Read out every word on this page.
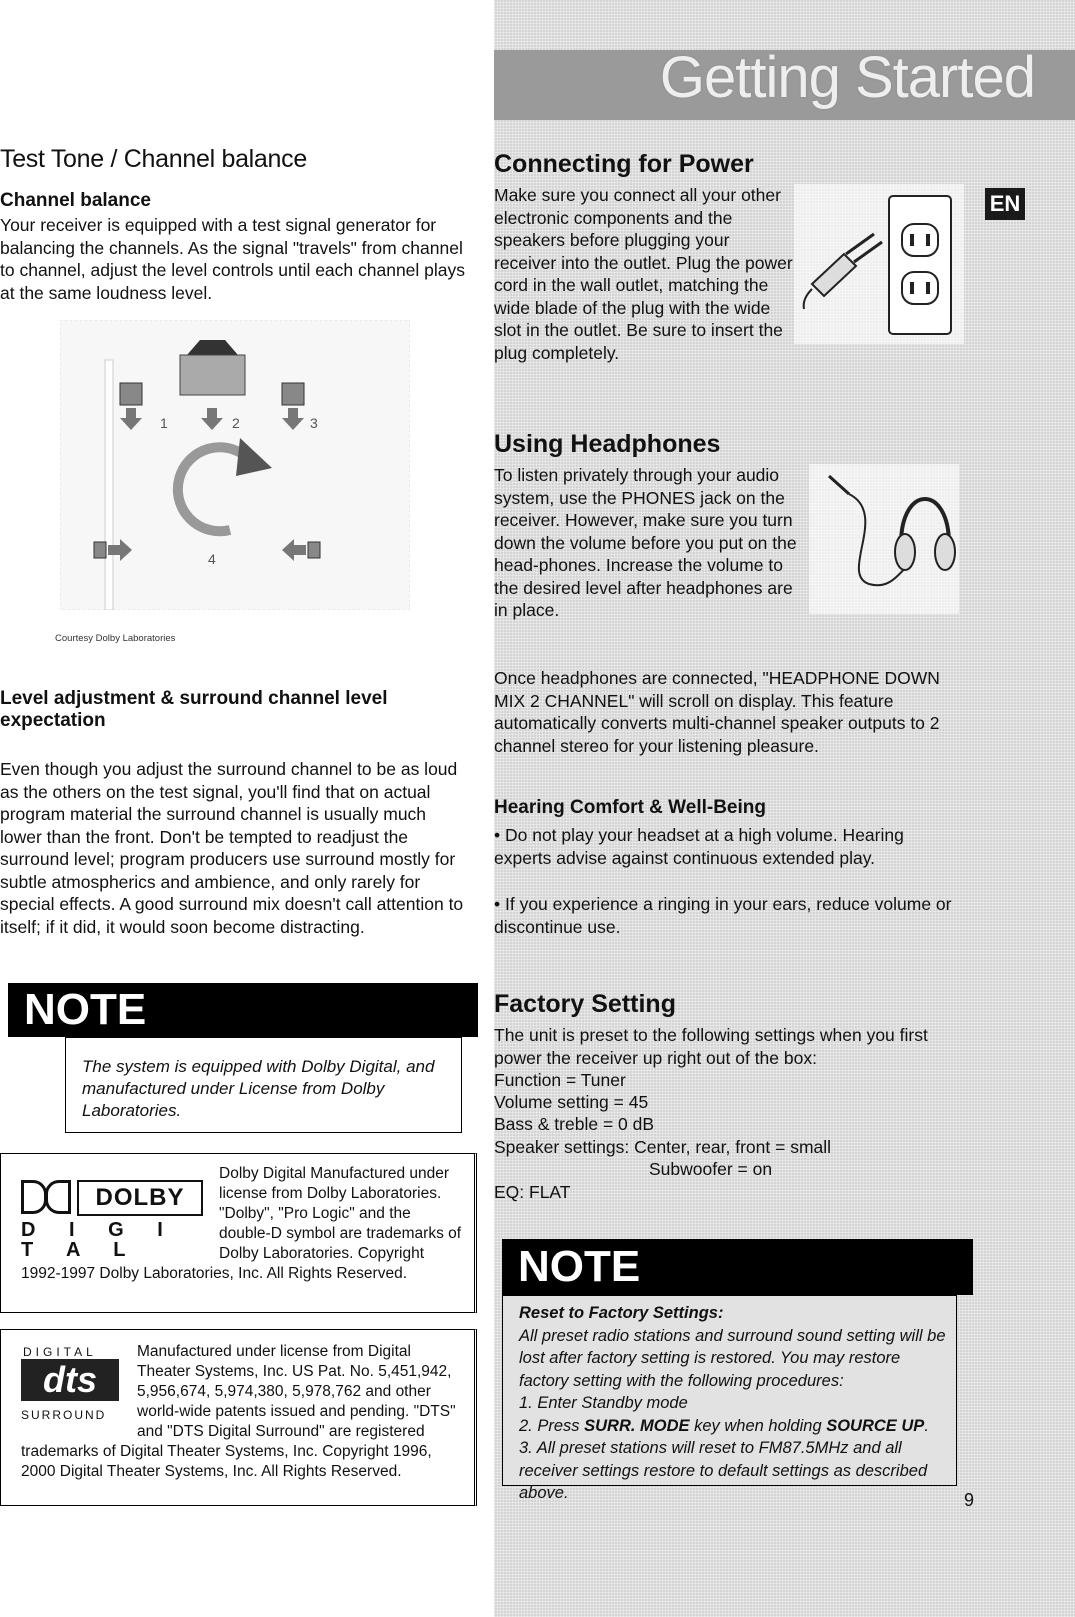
Test Tone / Channel balance
Channel balance
Your receiver is equipped with a test signal generator for balancing the channels. As the signal "travels" from channel to channel, adjust the level controls until each channel plays at the same loudness level.
1	2	3
4
Courtesy Dolby Laboratories
Level adjustment & surround channel level expectation
Even though you adjust the surround channel to be as loud as the others on the test signal, you'll find that on actual program material the surround channel is usually much lower than the front. Don't be tempted to readjust the surround level; program producers use surround mostly for subtle atmospherics and ambience, and only rarely for special effects. A good surround mix doesn't call attention to itself; if it did, it would soon become distracting.
NOTE
The system is equipped with Dolby Digital, and manufactured under License from Dolby Laboratories.
DOLBY
D I G I T A L
Dolby Digital Manufactured under license from Dolby Laboratories. "Dolby", "Pro Logic" and the double-D symbol are trademarks of Dolby Laboratories. Copyright 1992-1997 Dolby Laboratories, Inc. All Rights Reserved.
DIGITAL
dts
SURROUND
Manufactured under license from Digital Theater Systems, Inc. US Pat. No. 5,451,942, 5,956,674, 5,974,380, 5,978,762 and other world-wide patents issued and pending. "DTS" and "DTS Digital Surround" are registered trademarks of Digital Theater Systems, Inc. Copyright 1996, 2000 Digital Theater Systems, Inc. All Rights Reserved.
Getting Started
EN
Connecting for Power
Make sure you connect all your other electronic components and the speakers before plugging your receiver into the outlet. Plug the power cord in the wall outlet, matching the wide blade of the plug with the wide slot in the outlet. Be sure to insert the plug completely.
Using Headphones
To listen privately through your audio system, use the PHONES jack on the receiver. However, make sure you turn down the volume before you put on the head-phones. Increase the volume to the desired level after headphones are in place.
Once headphones are connected, "HEADPHONE DOWN MIX 2 CHANNEL" will scroll on display. This feature automatically converts multi-channel speaker outputs to 2 channel stereo for your listening pleasure.
Hearing Comfort & Well-Being
• Do not play your headset at a high volume. Hearing experts advise against continuous extended play.
• If you experience a ringing in your ears, reduce volume or discontinue use.
Factory Setting
The unit is preset to the following settings when you first power the receiver up right out of the box:
Function = Tuner
Volume setting = 45
Bass & treble = 0 dB
Speaker settings: Center, rear, front = small
Subwoofer = on
EQ: FLAT
NOTE
Reset to Factory Settings:
All preset radio stations and surround sound setting will be lost after factory setting is restored. You may restore factory setting with the following procedures:
1. Enter Standby mode
2. Press SURR. MODE key when holding SOURCE UP.
3. All preset stations will reset to FM87.5MHz and all receiver settings restore to default settings as described above.	9
